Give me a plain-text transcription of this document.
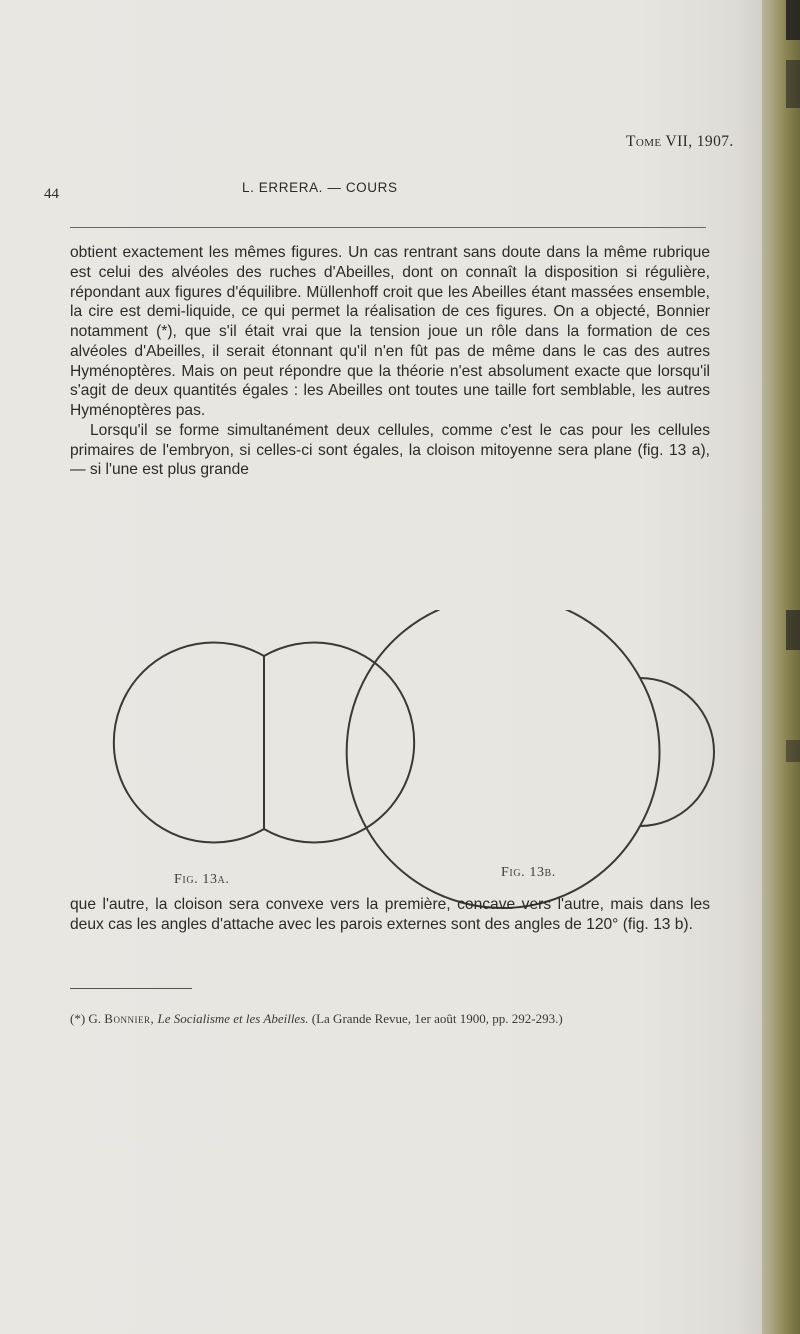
Tome VII, 1907.
44	L. ERRERA. — COURS

obtient exactement les mêmes figures. Un cas rentrant sans doute dans la même rubrique est celui des alvéoles des ruches d'Abeilles, dont on connaît la disposition si régulière, répondant aux figures d'équilibre. Müllenhoff croit que les Abeilles étant massées ensemble, la cire est demi-liquide, ce qui permet la réalisation de ces figures. On a objecté, Bonnier notamment (*), que s'il était vrai que la tension joue un rôle dans la formation de ces alvéoles d'Abeilles, il serait étonnant qu'il n'en fût pas de même dans le cas des autres Hyménoptères. Mais on peut répondre que la théorie n'est absolument exacte que lorsqu'il s'agit de deux quantités égales : les Abeilles ont toutes une taille fort semblable, les autres Hyménoptères pas.

Lorsqu'il se forme simultanément deux cellules, comme c'est le cas pour les cellules primaires de l'embryon, si celles-ci sont égales, la cloison mitoyenne sera plane (fig. 13 a), — si l'une est plus grande

Fig. 13a.	Fig. 13b.

que l'autre, la cloison sera convexe vers la première, concave vers l'autre, mais dans les deux cas les angles d'attache avec les parois externes sont des angles de 120° (fig. 13 b).

(*) G. Bonnier, Le Socialisme et les Abeilles. (La Grande Revue, 1er août 1900, pp. 292-293.)
